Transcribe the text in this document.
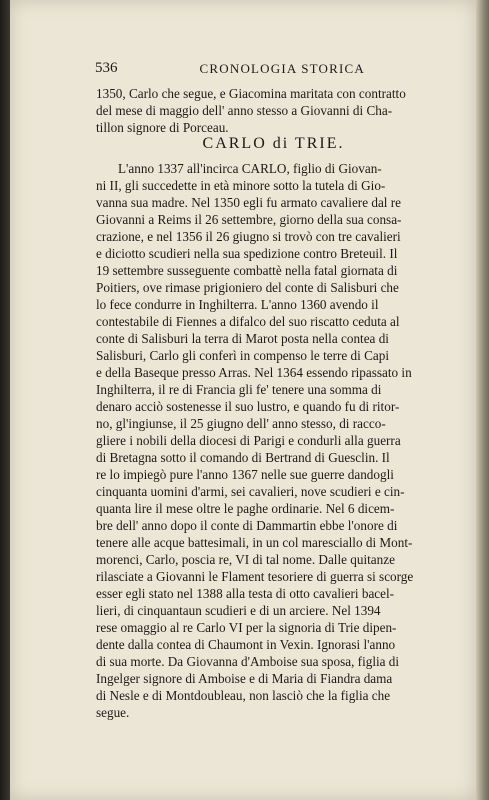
536	CRONOLOGIA STORICA
1350, Carlo che segue, e Giacomina maritata con contratto
del mese di maggio dell' anno stesso a Giovanni di Cha-
tillon signore di Porceau.
CARLO di TRIE.
L'anno 1337 all'incirca CARLO, figlio di Giovan-
ni II, gli succedette in età minore sotto la tutela di Gio-
vanna sua madre. Nel 1350 egli fu armato cavaliere dal re
Giovanni a Reims il 26 settembre, giorno della sua consa-
crazione, e nel 1356 il 26 giugno si trovò con tre cavalieri
e diciotto scudieri nella sua spedizione contro Breteuil. Il
19 settembre susseguente combattè nella fatal giornata di
Poitiers, ove rimase prigioniero del conte di Salisburi che
lo fece condurre in Inghilterra. L'anno 1360 avendo il
contestabile di Fiennes a difalco del suo riscatto ceduta al
conte di Salisburi la terra di Marot posta nella contea di
Salisburi, Carlo gli conferì in compenso le terre di Capi
e della Baseque presso Arras. Nel 1364 essendo ripassato in
Inghilterra, il re di Francia gli fe' tenere una somma di
denaro acciò sostenesse il suo lustro, e quando fu di ritor-
no, gl'ingiunse, il 25 giugno dell' anno stesso, di racco-
gliere i nobili della diocesi di Parigi e condurli alla guerra
di Bretagna sotto il comando di Bertrand di Guesclin. Il
re lo impiegò pure l'anno 1367 nelle sue guerre dandogli
cinquanta uomini d'armi, sei cavalieri, nove scudieri e cin-
quanta lire il mese oltre le paghe ordinarie. Nel 6 dicem-
bre dell' anno dopo il conte di Dammartin ebbe l'onore di
tenere alle acque battesimali, in un col maresciallo di Mont-
morenci, Carlo, poscia re, VI di tal nome. Dalle quitanze
rilasciate a Giovanni le Flament tesoriere di guerra si scorge
esser egli stato nel 1388 alla testa di otto cavalieri bacel-
lieri, di cinquantaun scudieri e di un arciere. Nel 1394
rese omaggio al re Carlo VI per la signoria di Trie dipen-
dente dalla contea di Chaumont in Vexin. Ignorasi l'anno
di sua morte. Da Giovanna d'Amboise sua sposa, figlia di
Ingelger signore di Amboise e di Maria di Fiandra dama
di Nesle e di Montdoubleau, non lasciò che la figlia che
segue.
